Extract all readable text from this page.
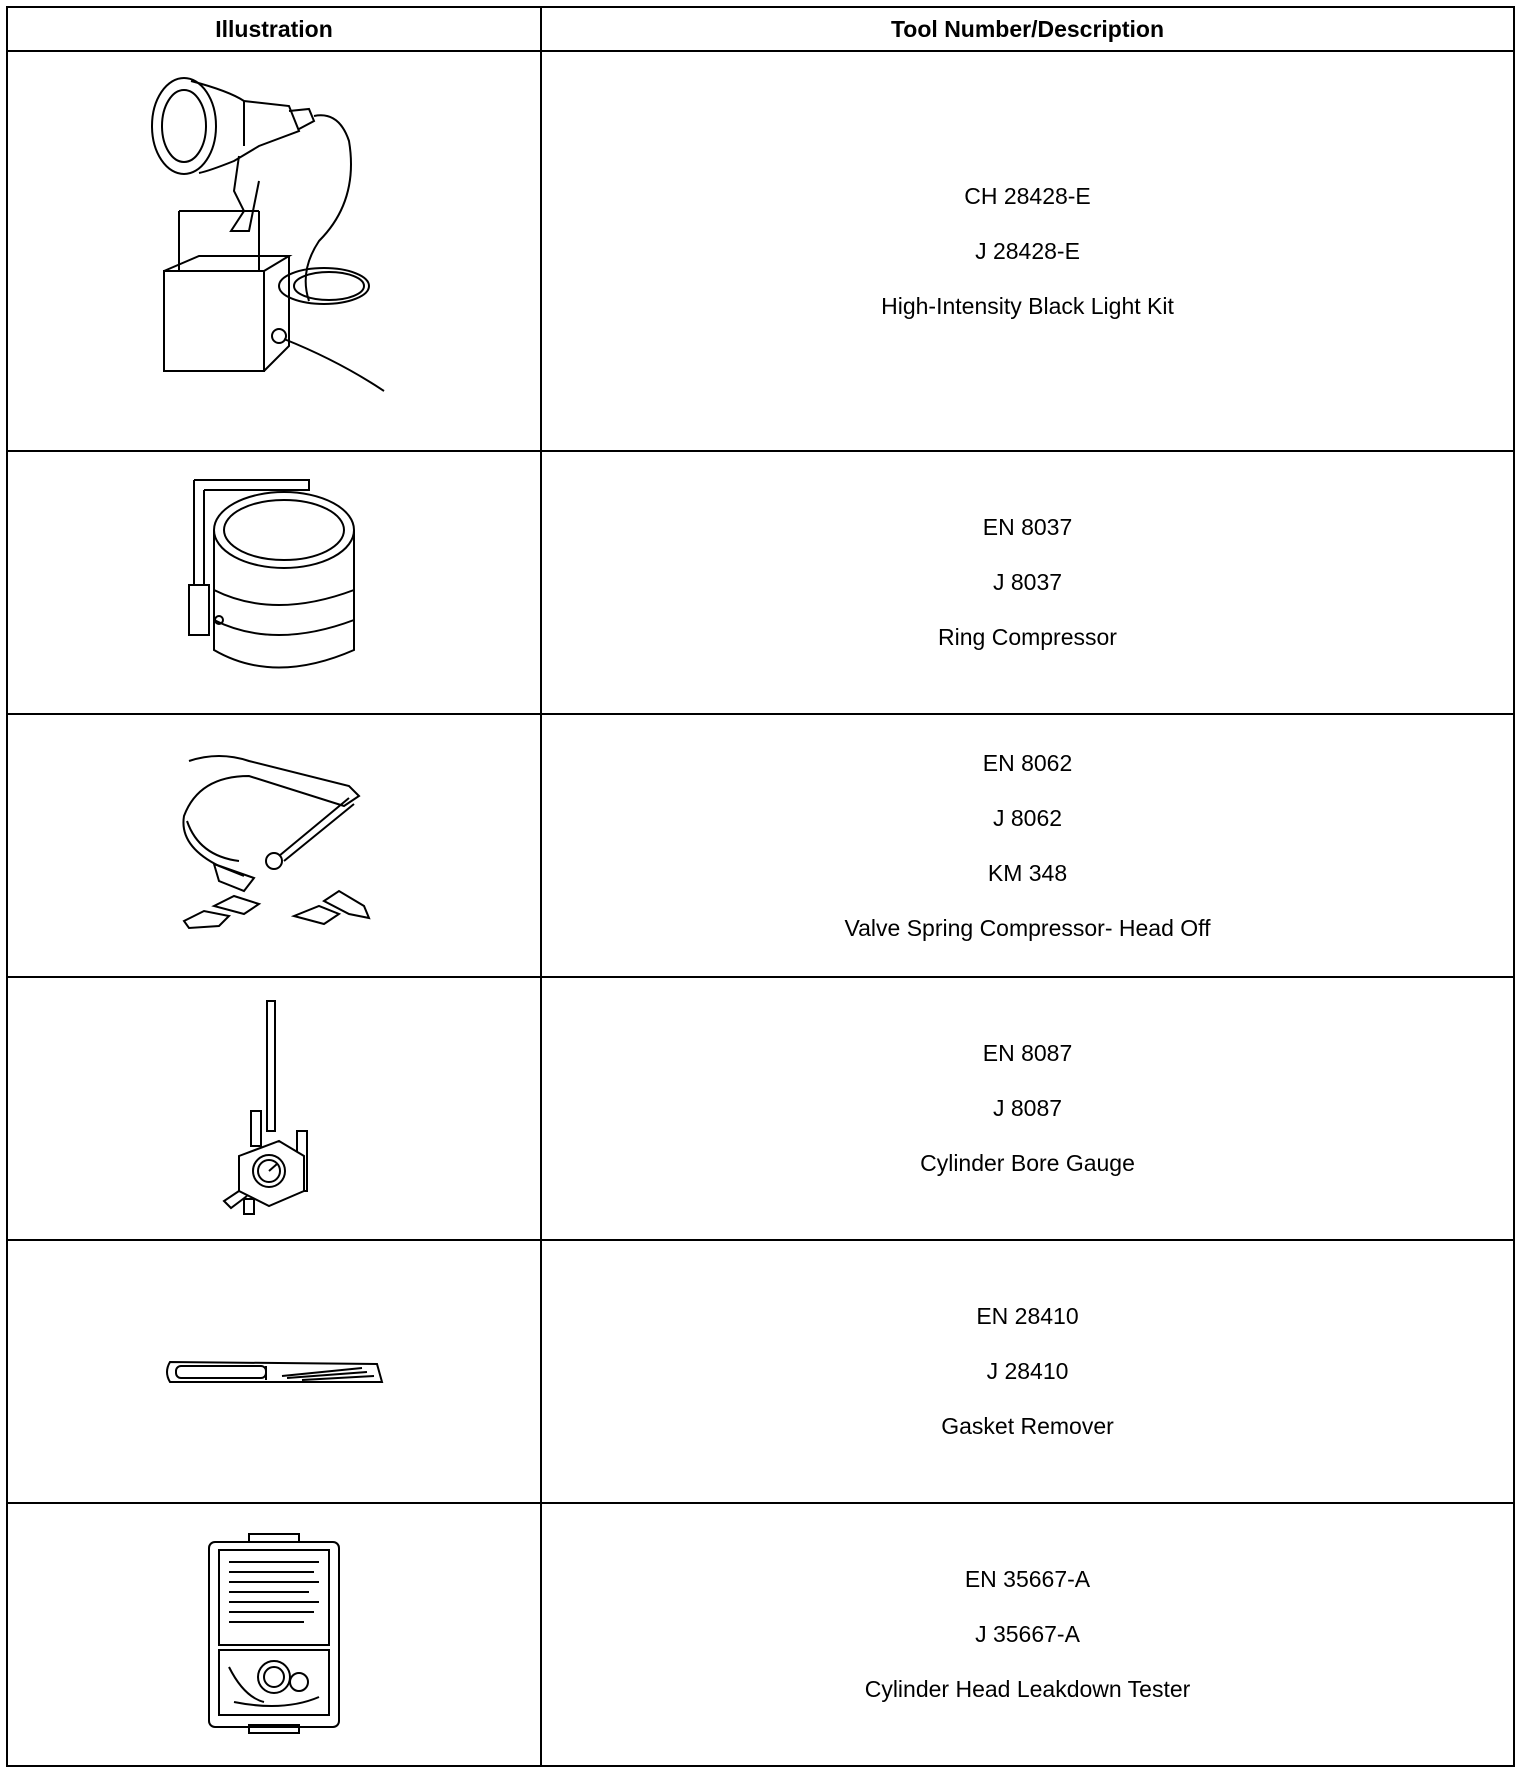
Illustration	Tool Number/Description

CH 28428-E
J 28428-E
High-Intensity Black Light Kit

EN 8037
J 8037
Ring Compressor

EN 8062
J 8062
KM 348
Valve Spring Compressor- Head Off

EN 8087
J 8087
Cylinder Bore Gauge

EN 28410
J 28410
Gasket Remover

EN 35667-A
J 35667-A
Cylinder Head Leakdown Tester
